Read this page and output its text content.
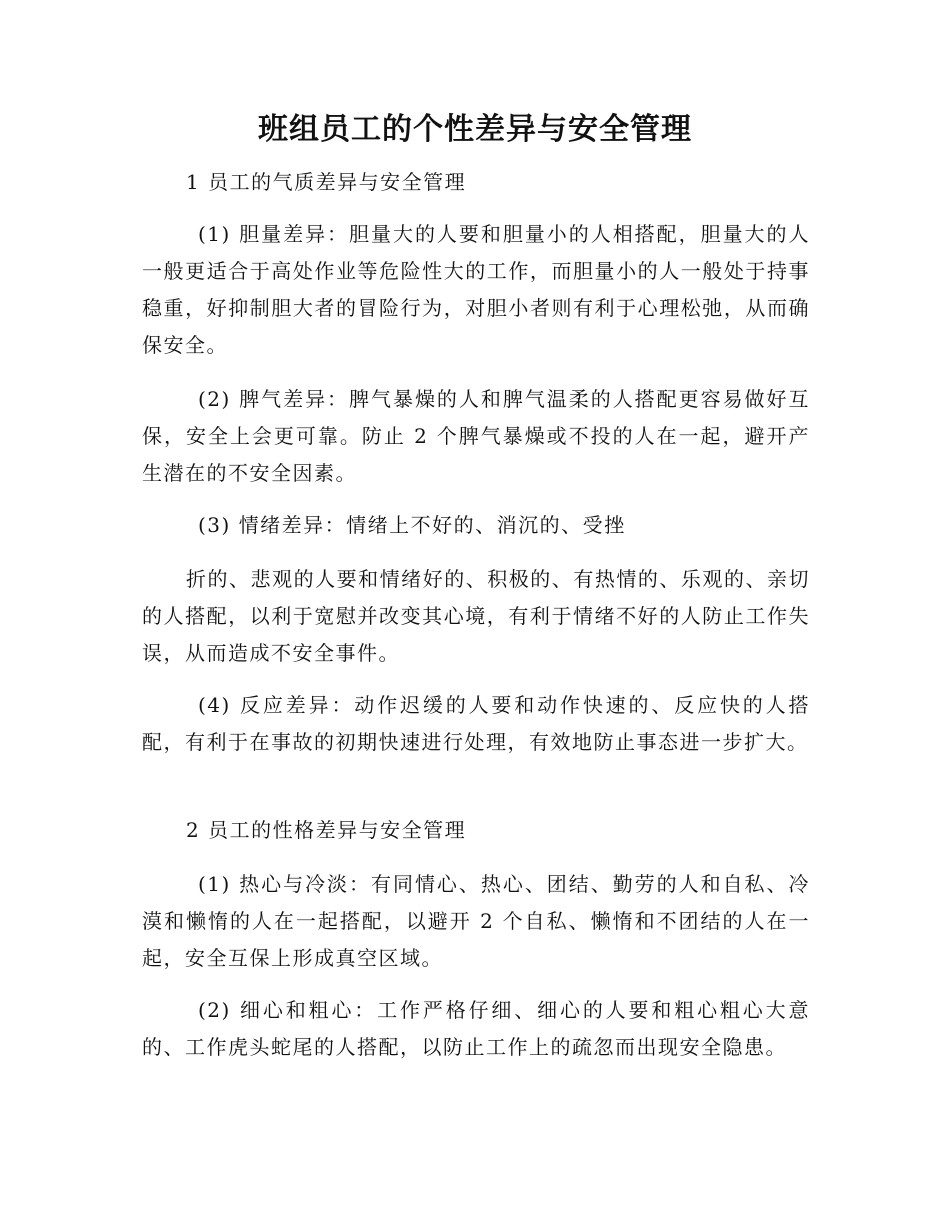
班组员工的个性差异与安全管理

1 员工的气质差异与安全管理

(1) 胆量差异：胆量大的人要和胆量小的人相搭配，胆量大的人一般更适合于高处作业等危险性大的工作，而胆量小的人一般处于持事稳重，好抑制胆大者的冒险行为，对胆小者则有利于心理松弛，从而确保安全。

(2) 脾气差异：脾气暴燥的人和脾气温柔的人搭配更容易做好互保，安全上会更可靠。防止 2 个脾气暴燥或不投的人在一起，避开产生潜在的不安全因素。

(3) 情绪差异：情绪上不好的、消沉的、受挫

折的、悲观的人要和情绪好的、积极的、有热情的、乐观的、亲切的人搭配，以利于宽慰并改变其心境，有利于情绪不好的人防止工作失误，从而造成不安全事件。

(4) 反应差异：动作迟缓的人要和动作快速的、反应快的人搭配，有利于在事故的初期快速进行处理，有效地防止事态进一步扩大。

2 员工的性格差异与安全管理

(1) 热心与冷淡：有同情心、热心、团结、勤劳的人和自私、冷漠和懒惰的人在一起搭配，以避开 2 个自私、懒惰和不团结的人在一起，安全互保上形成真空区域。

(2) 细心和粗心：工作严格仔细、细心的人要和粗心粗心大意的、工作虎头蛇尾的人搭配，以防止工作上的疏忽而出现安全隐患。
